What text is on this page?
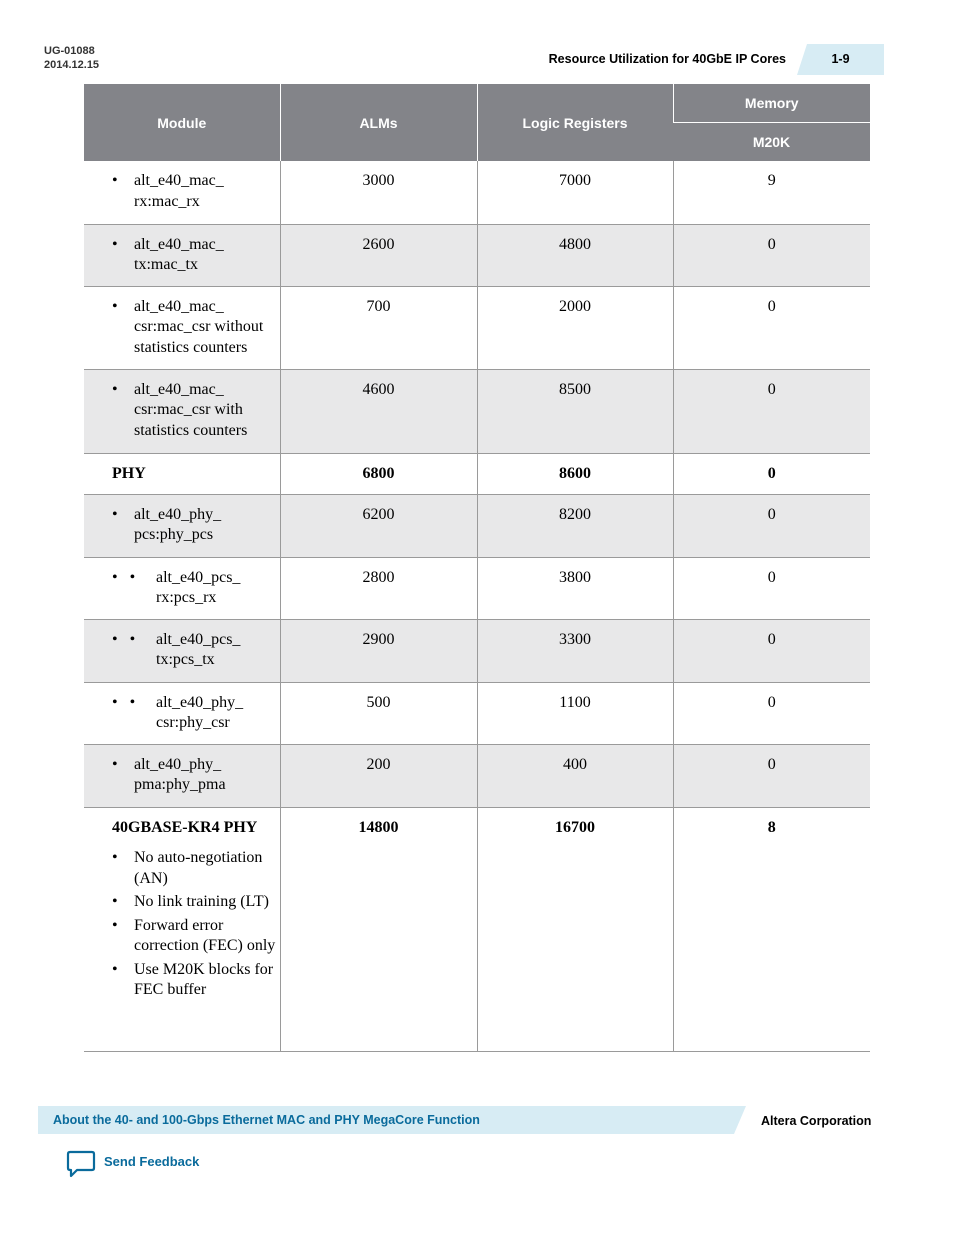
UG-01088
2014.12.15	Resource Utilization for 40GbE IP Cores	1-9
Module	ALMs	Logic Registers	Memory
			M20K

• alt_e40_mac_ rx:mac_rx	3000	7000	9

• alt_e40_mac_ tx:mac_tx	2600	4800	0

• alt_e40_mac_ csr:mac_csr without statistics counters	700	2000	0

• alt_e40_mac_ csr:mac_csr with statistics counters	4600	8500	0
PHY	6800	8600	0

• alt_e40_phy_ pcs:phy_pcs	6200	8200	0

•   • alt_e40_pcs_ rx:pcs_rx	2800	3800	0

•   • alt_e40_pcs_ tx:pcs_tx	2900	3300	0

•   • alt_e40_phy_ csr:phy_csr	500	1100	0

• alt_e40_phy_ pma:phy_pma	200	400	0

40GBASE-KR4 PHY
• No auto-negotiation (AN)
• No link training (LT)
• Forward error correction (FEC) only
• Use M20K blocks for FEC buffer	14800	16700	8
About the 40- and 100-Gbps Ethernet MAC and PHY MegaCore Function	Altera Corporation
Send Feedback
